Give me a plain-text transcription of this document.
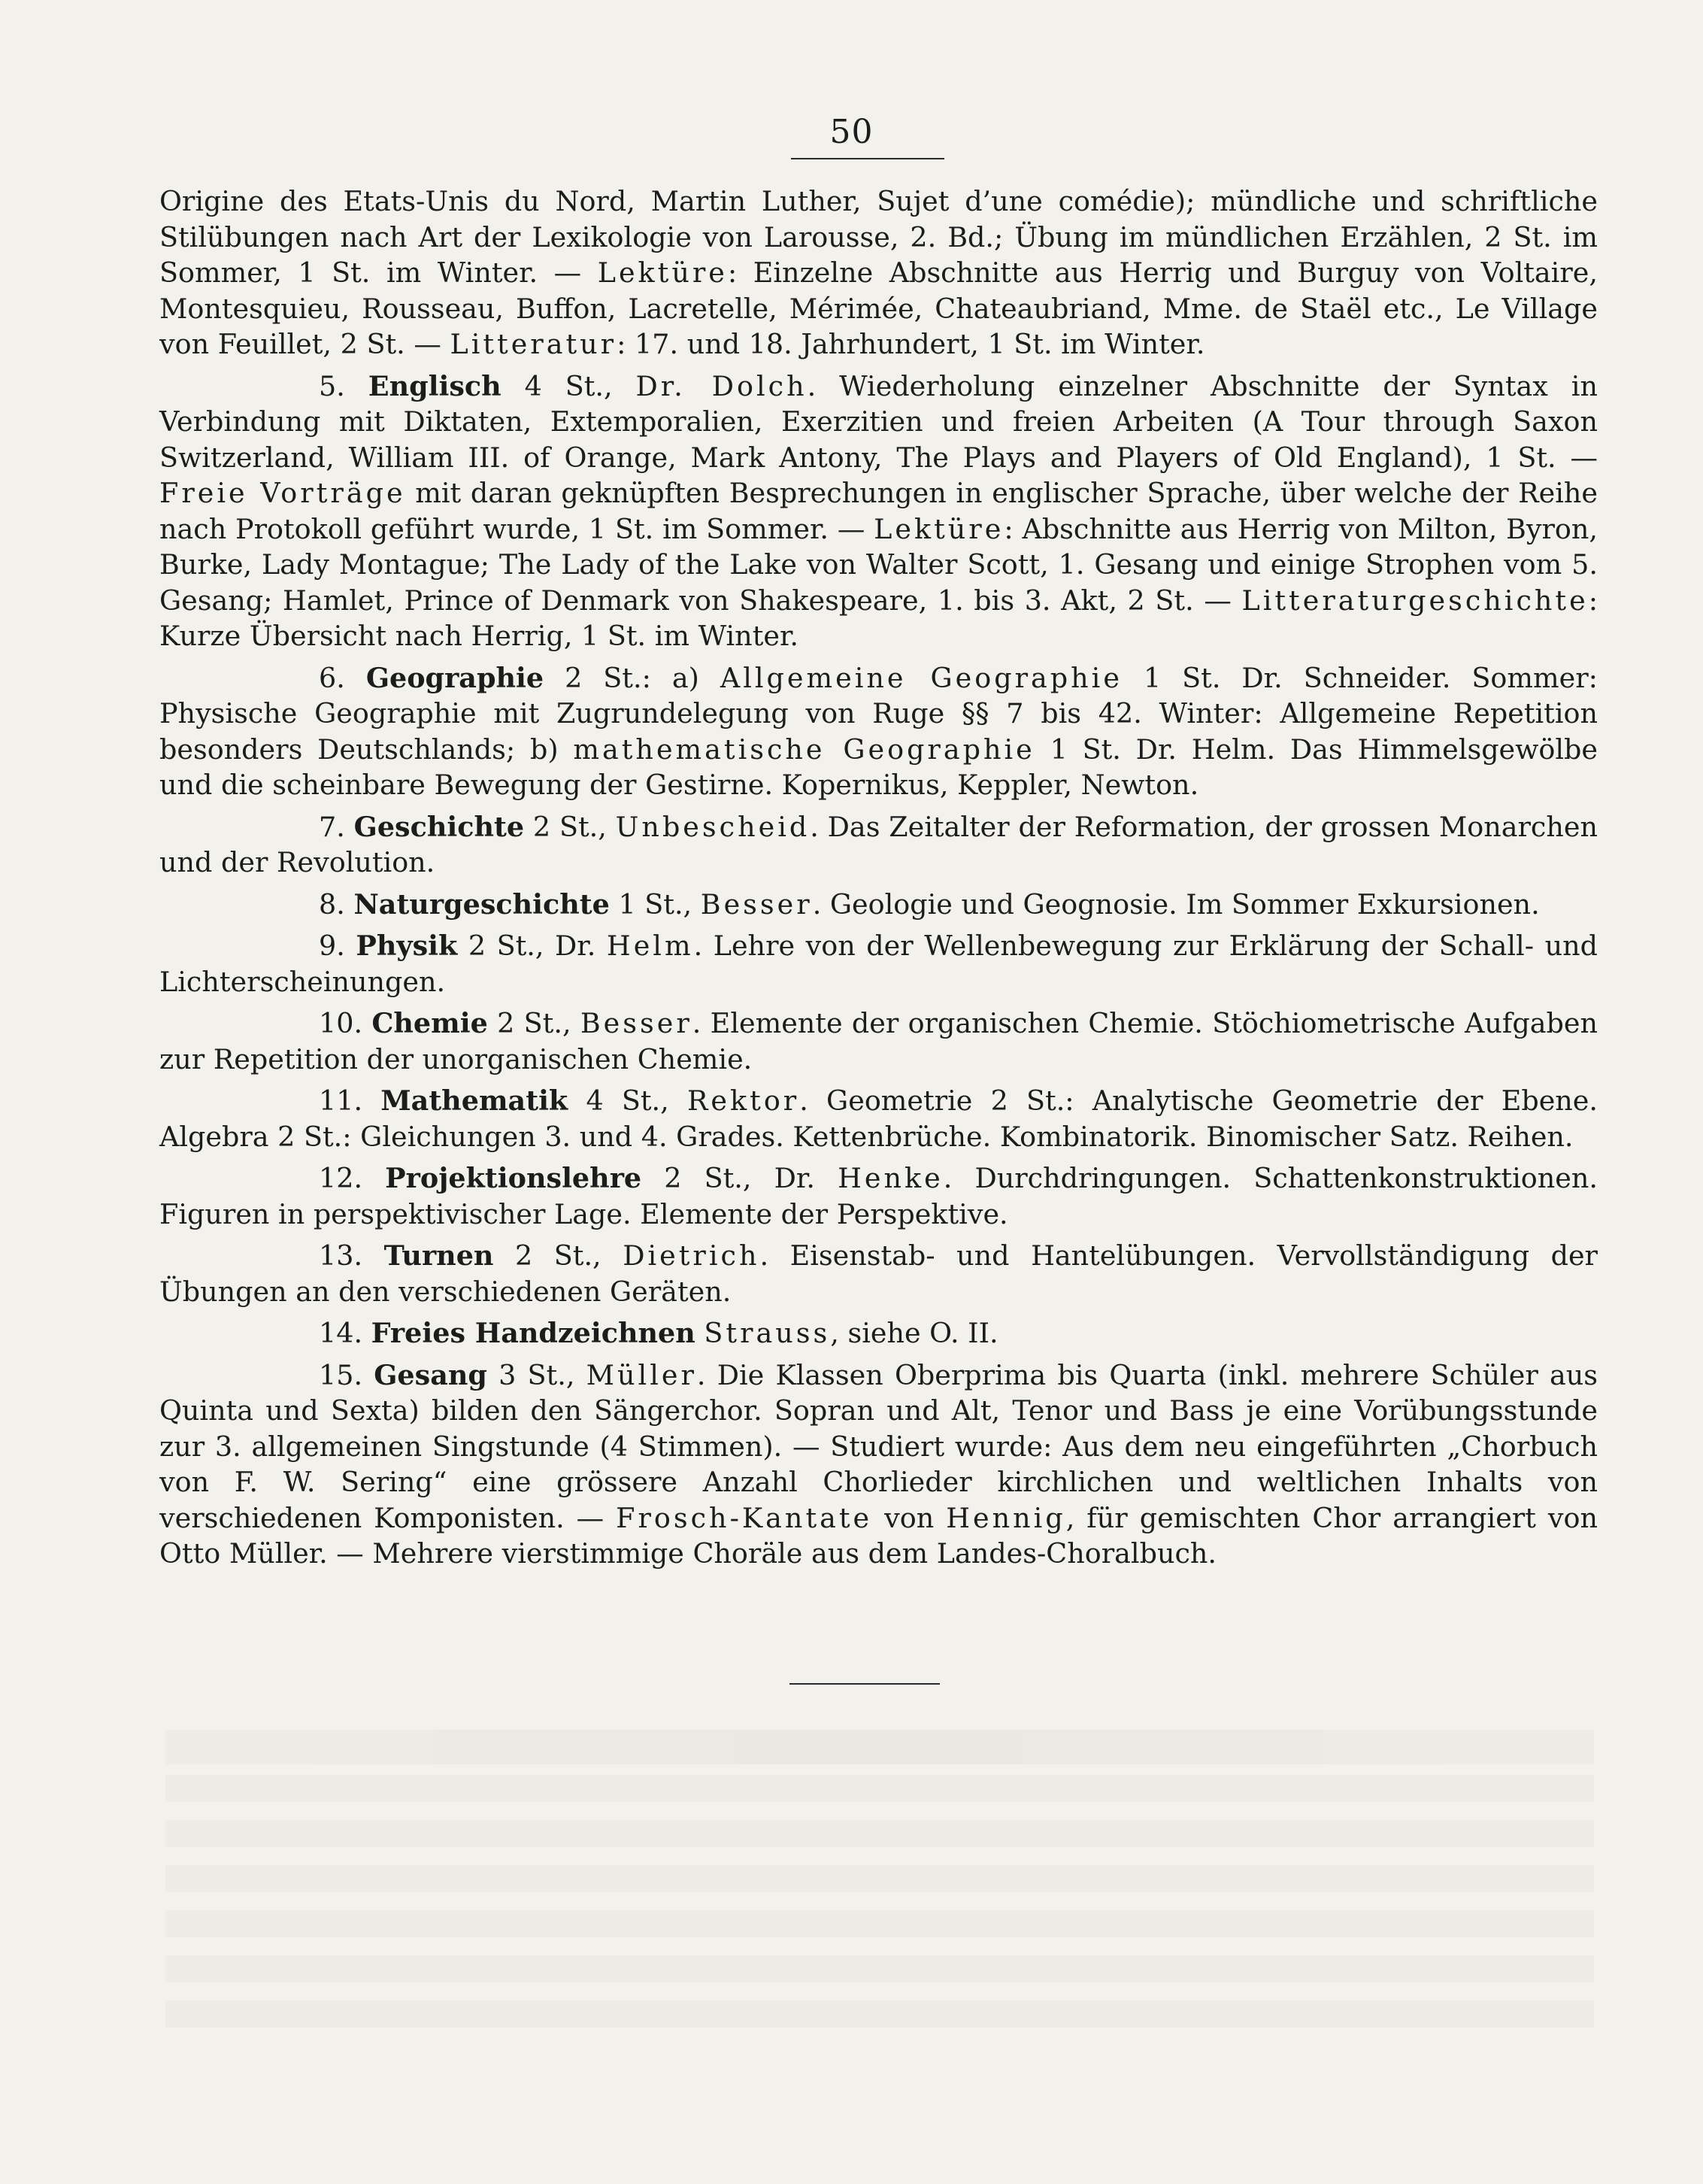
50

Origine des Etats-Unis du Nord, Martin Luther, Sujet d’une comédie); mündliche und schriftliche Stilübungen nach Art der Lexikologie von Larousse, 2. Bd.; Übung im mündlichen Erzählen, 2 St. im Sommer, 1 St. im Winter. — Lektüre: Einzelne Abschnitte aus Herrig und Burguy von Voltaire, Montesquieu, Rousseau, Buffon, Lacretelle, Mérimée, Chateaubriand, Mme. de Staël etc., Le Village von Feuillet, 2 St. — Litteratur: 17. und 18. Jahrhundert, 1 St. im Winter.

5. Englisch 4 St., Dr. Dolch. Wiederholung einzelner Abschnitte der Syntax in Verbindung mit Diktaten, Extemporalien, Exerzitien und freien Arbeiten (A Tour through Saxon Switzerland, William III. of Orange, Mark Antony, The Plays and Players of Old England), 1 St. — Freie Vorträge mit daran geknüpften Besprechungen in englischer Sprache, über welche der Reihe nach Protokoll geführt wurde, 1 St. im Sommer. — Lektüre: Abschnitte aus Herrig von Milton, Byron, Burke, Lady Montague; The Lady of the Lake von Walter Scott, 1. Gesang und einige Strophen vom 5. Gesang; Hamlet, Prince of Denmark von Shakespeare, 1. bis 3. Akt, 2 St. — Litteraturgeschichte: Kurze Übersicht nach Herrig, 1 St. im Winter.

6. Geographie 2 St.: a) Allgemeine Geographie 1 St. Dr. Schneider. Sommer: Physische Geographie mit Zugrundelegung von Ruge §§ 7 bis 42. Winter: Allgemeine Repetition besonders Deutschlands; b) mathematische Geographie 1 St. Dr. Helm. Das Himmelsgewölbe und die scheinbare Bewegung der Gestirne. Kopernikus, Keppler, Newton.

7. Geschichte 2 St., Unbescheid. Das Zeitalter der Reformation, der grossen Monarchen und der Revolution.

8. Naturgeschichte 1 St., Besser. Geologie und Geognosie. Im Sommer Exkursionen.

9. Physik 2 St., Dr. Helm. Lehre von der Wellenbewegung zur Erklärung der Schall- und Lichterscheinungen.

10. Chemie 2 St., Besser. Elemente der organischen Chemie. Stöchiometrische Aufgaben zur Repetition der unorganischen Chemie.

11. Mathematik 4 St., Rektor. Geometrie 2 St.: Analytische Geometrie der Ebene. Algebra 2 St.: Gleichungen 3. und 4. Grades. Kettenbrüche. Kombinatorik. Binomischer Satz. Reihen.

12. Projektionslehre 2 St., Dr. Henke. Durchdringungen. Schattenkonstruktionen. Figuren in perspektivischer Lage. Elemente der Perspektive.

13. Turnen 2 St., Dietrich. Eisenstab- und Hantelübungen. Vervollständigung der Übungen an den verschiedenen Geräten.

14. Freies Handzeichnen Strauss, siehe O. II.

15. Gesang 3 St., Müller. Die Klassen Oberprima bis Quarta (inkl. mehrere Schüler aus Quinta und Sexta) bilden den Sängerchor. Sopran und Alt, Tenor und Bass je eine Vorübungsstunde zur 3. allgemeinen Singstunde (4 Stimmen). — Studiert wurde: Aus dem neu eingeführten „Chorbuch von F. W. Sering“ eine grössere Anzahl Chorlieder kirchlichen und weltlichen Inhalts von verschiedenen Komponisten. — Frosch-Kantate von Hennig, für gemischten Chor arrangiert von Otto Müller. — Mehrere vierstimmige Choräle aus dem Landes-Choralbuch.
